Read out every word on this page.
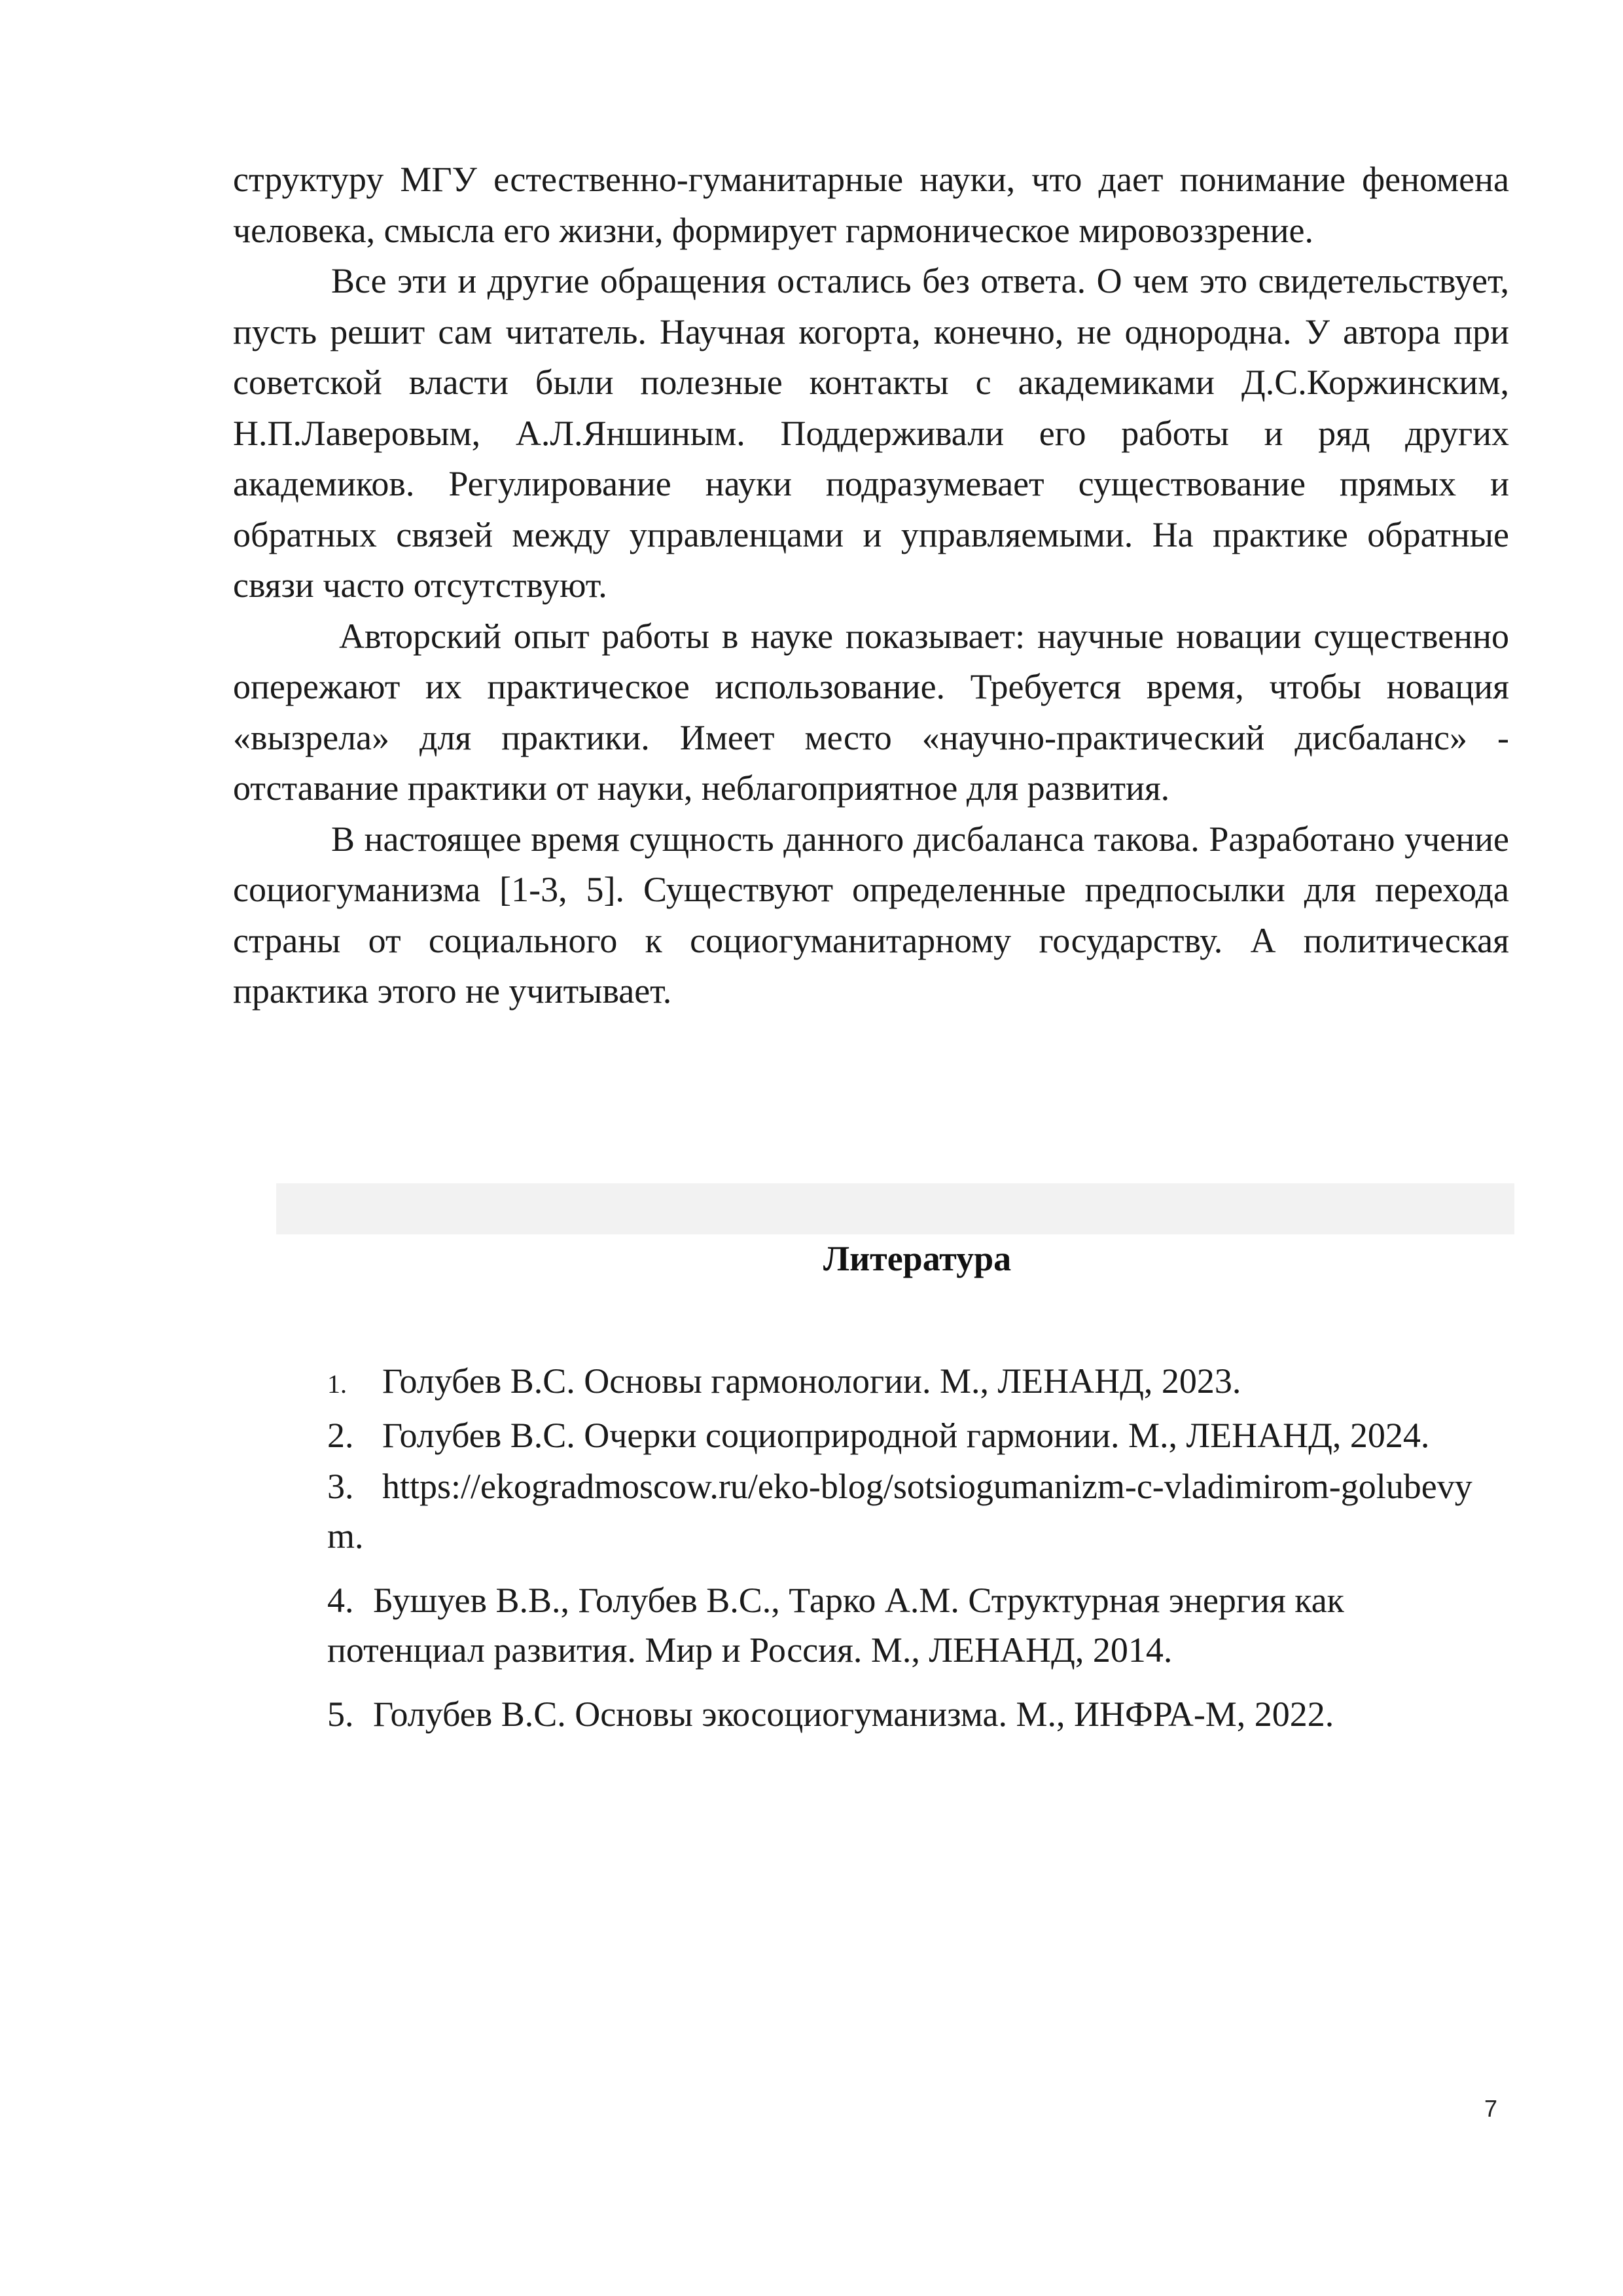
структуру МГУ естественно-гуманитарные науки, что дает понимание феномена человека, смысла его жизни, формирует гармоническое мировоззрение.

Все эти и другие обращения остались без ответа. О чем это свидетельствует, пусть решит сам читатель. Научная когорта, конечно, не однородна. У автора при советской власти были полезные контакты с академиками Д.С.Коржинским, Н.П.Лаверовым, А.Л.Яншиным. Поддерживали его работы и ряд других академиков. Регулирование науки подразумевает существование прямых и обратных связей между управленцами и управляемыми. На практике обратные связи часто отсутствуют.

Авторский опыт работы в науке показывает: научные новации существенно опережают их практическое использование. Требуется время, чтобы новация «вызрела» для практики. Имеет место «научно-практический дисбаланс» - отставание практики от науки, неблагоприятное для развития.

В настоящее время сущность данного дисбаланса такова. Разработано учение социогуманизма [1-3, 5]. Существуют определенные предпосылки для перехода страны от социального к социогуманитарному государству. А политическая практика этого не учитывает.

Литература

1. Голубев В.С. Основы гармонологии. М., ЛЕНАНД, 2023.

2. Голубев В.С. Очерки социоприродной гармонии. М., ЛЕНАНД, 2024.

3. https://ekogradmoscow.ru/eko-blog/sotsiogumanizm-c-vladimirom-golubevym.

4. Бушуев В.В., Голубев В.С., Тарко А.М. Структурная энергия как потенциал развития. Мир и Россия. М., ЛЕНАНД, 2014.

5. Голубев В.С. Основы экосоциогуманизма. М., ИНФРА-М, 2022.

7
